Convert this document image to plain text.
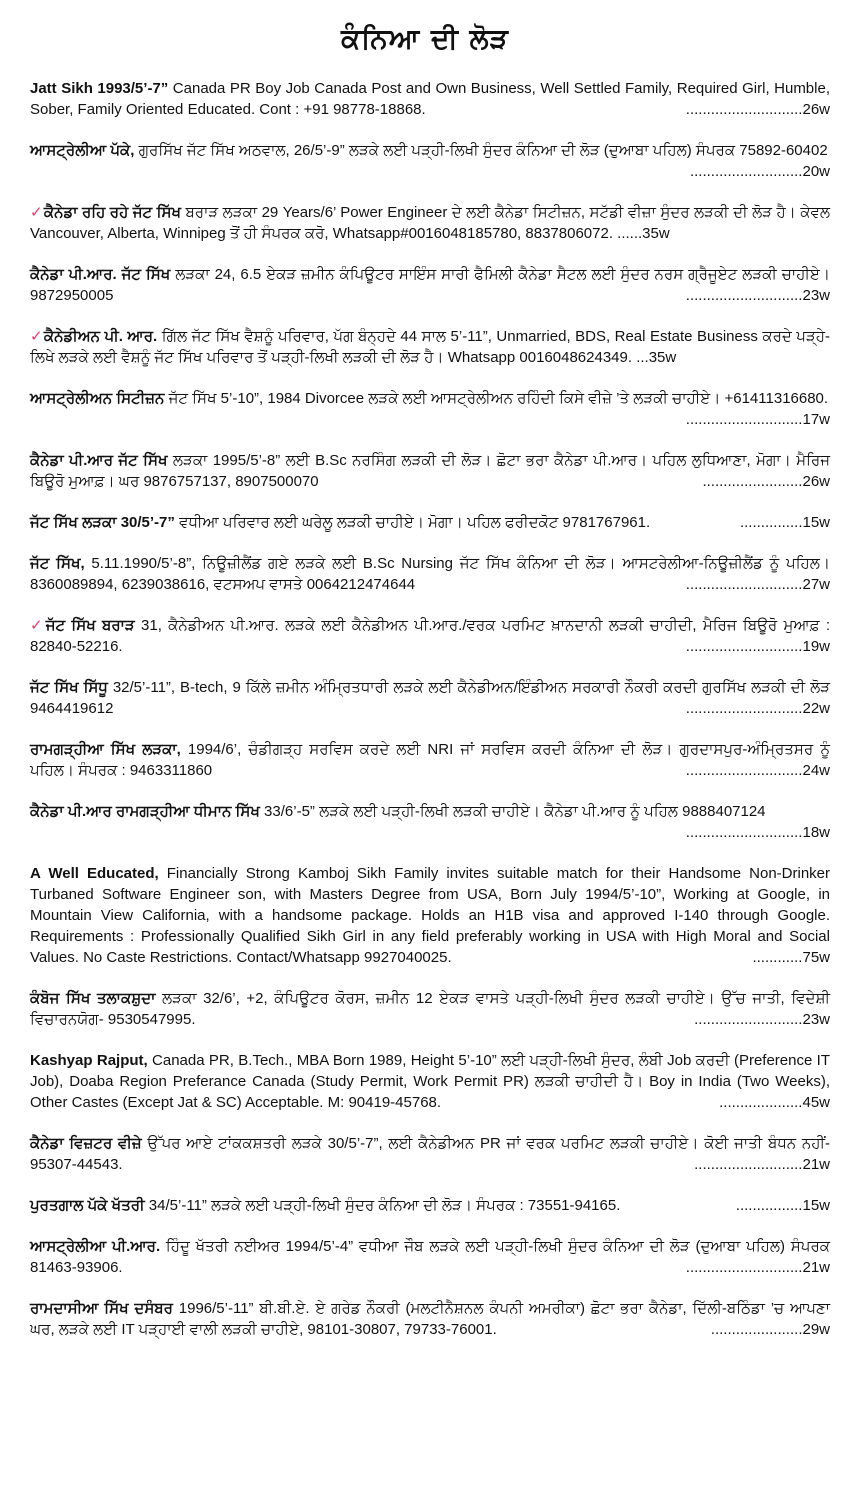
ਕੰਨਿਆ ਦੀ ਲੋੜ
Jatt Sikh 1993/5’-7” Canada PR Boy Job Canada Post and Own Business, Well Settled Family, Required Girl, Humble, Sober, Family Oriented Educated. Cont : +91 98778-18868.	............................26w
ਆਸਟ੍ਰੇਲੀਆ ਪੱਕੇ, ਗੁਰਸਿੱਖ ਜੱਟ ਸਿੱਖ ਅਠਵਾਲ, 26/5’-9” ਲੜਕੇ ਲਈ ਪੜ੍ਹੀ-ਲਿਖੀ ਸੁੰਦਰ ਕੰਨਿਆ ਦੀ ਲੋੜ (ਦੁਆਬਾ ਪਹਿਲ) ਸੰਪਰਕ 75892-60402
...........................20w
✓ਕੈਨੇਡਾ ਰਹਿ ਰਹੇ ਜੱਟ ਸਿੱਖ ਬਰਾੜ ਲੜਕਾ 29 Years/6’ Power Engineer ਦੇ ਲਈ ਕੈਨੇਡਾ ਸਿਟੀਜ਼ਨ, ਸਟੱਡੀ ਵੀਜ਼ਾ ਸੁੰਦਰ ਲੜਕੀ ਦੀ ਲੋੜ ਹੈ। ਕੇਵਲ Vancouver, Alberta, Winnipeg ਤੋਂ ਹੀ ਸੰਪਰਕ ਕਰੋ, Whatsapp#0016048185780, 8837806072. ......35w
ਕੈਨੇਡਾ ਪੀ.ਆਰ. ਜੱਟ ਸਿੱਖ ਲੜਕਾ 24, 6.5 ਏਕੜ ਜ਼ਮੀਨ ਕੰਪਿਊਟਰ ਸਾਇੰਸ ਸਾਰੀ ਫੈਮਿਲੀ ਕੈਨੇਡਾ ਸੈਟਲ ਲਈ ਸੁੰਦਰ ਨਰਸ ਗ੍ਰੈਜੂਏਟ ਲੜਕੀ ਚਾਹੀਏ। 9872950005	............................23w
✓ਕੈਨੇਡੀਅਨ ਪੀ. ਆਰ. ਗਿੱਲ ਜੱਟ ਸਿੱਖ ਵੈਸ਼ਨੂੰ ਪਰਿਵਾਰ, ਪੱਗ ਬੰਨ੍ਹਦੇ 44 ਸਾਲ 5’-11”, Unmarried, BDS, Real Estate Business ਕਰਦੇ ਪੜ੍ਹੇ-ਲਿਖੇ ਲੜਕੇ ਲਈ ਵੈਸ਼ਨੂੰ ਜੱਟ ਸਿੱਖ ਪਰਿਵਾਰ ਤੋਂ ਪੜ੍ਹੀ-ਲਿਖੀ ਲੜਕੀ ਦੀ ਲੋੜ ਹੈ। Whatsapp 0016048624349. ...35w
ਆਸਟ੍ਰੇਲੀਅਨ ਸਿਟੀਜ਼ਨ ਜੱਟ ਸਿੱਖ 5’-10”, 1984 Divorcee ਲੜਕੇ ਲਈ ਆਸਟ੍ਰੇਲੀਅਨ ਰਹਿੰਦੀ ਕਿਸੇ ਵੀਜ਼ੇ ’ਤੇ ਲੜਕੀ ਚਾਹੀਏ। +61411316680.
............................17w
ਕੈਨੇਡਾ ਪੀ.ਆਰ ਜੱਟ ਸਿੱਖ ਲੜਕਾ 1995/5’-8” ਲਈ B.Sc ਨਰਸਿੰਗ ਲੜਕੀ ਦੀ ਲੋੜ। ਛੋਟਾ ਭਰਾ ਕੈਨੇਡਾ ਪੀ.ਆਰ। ਪਹਿਲ ਲੁਧਿਆਣਾ, ਮੋਗਾ। ਮੈਰਿਜ ਬਿਊਰੋ ਮੁਆਫ਼। ਘਰ 9876757137, 8907500070	........................26w
ਜੱਟ ਸਿੱਖ ਲੜਕਾ 30/5’-7” ਵਧੀਆ ਪਰਿਵਾਰ ਲਈ ਘਰੇਲੂ ਲੜਕੀ ਚਾਹੀਏ। ਮੋਗਾ। ਪਹਿਲ ਫਰੀਦਕੋਟ 9781767961.	...............15w
ਜੱਟ ਸਿੱਖ, 5.11.1990/5’-8”, ਨਿਊਜ਼ੀਲੈਂਡ ਗਏ ਲੜਕੇ ਲਈ B.Sc Nursing ਜੱਟ ਸਿੱਖ ਕੰਨਿਆ ਦੀ ਲੋੜ। ਆਸਟਰੇਲੀਆ-ਨਿਊਜ਼ੀਲੈਂਡ ਨੂੰ ਪਹਿਲ। 8360089894, 6239038616, ਵਟਸਅਪ ਵਾਸਤੇ 0064212474644	............................27w
✓ਜੱਟ ਸਿੱਖ ਬਰਾੜ 31, ਕੈਨੇਡੀਅਨ ਪੀ.ਆਰ. ਲੜਕੇ ਲਈ ਕੈਨੇਡੀਅਨ ਪੀ.ਆਰ./ਵਰਕ ਪਰਮਿਟ ਖ਼ਾਨਦਾਨੀ ਲੜਕੀ ਚਾਹੀਦੀ, ਮੈਰਿਜ ਬਿਊਰੋ ਮੁਆਫ਼ : 82840-52216.	............................19w
ਜੱਟ ਸਿੱਖ ਸਿੱਧੂ 32/5’-11”, B-tech, 9 ਕਿੱਲੇ ਜ਼ਮੀਨ ਅੰਮ੍ਰਿਤਧਾਰੀ ਲੜਕੇ ਲਈ ਕੈਨੇਡੀਅਨ/ਇੰਡੀਅਨ ਸਰਕਾਰੀ ਨੌਕਰੀ ਕਰਦੀ ਗੁਰਸਿੱਖ ਲੜਕੀ ਦੀ ਲੋੜ 9464419612	............................22w
ਰਾਮਗੜ੍ਹੀਆ ਸਿੱਖ ਲੜਕਾ, 1994/6’, ਚੰਡੀਗੜ੍ਹ ਸਰਵਿਸ ਕਰਦੇ ਲਈ NRI ਜਾਂ ਸਰਵਿਸ ਕਰਦੀ ਕੰਨਿਆ ਦੀ ਲੋੜ। ਗੁਰਦਾਸਪੁਰ-ਅੰਮ੍ਰਿਤਸਰ ਨੂੰ ਪਹਿਲ। ਸੰਪਰਕ : 9463311860	............................24w
ਕੈਨੇਡਾ ਪੀ.ਆਰ ਰਾਮਗੜ੍ਹੀਆ ਧੀਮਾਨ ਸਿੱਖ 33/6’-5” ਲੜਕੇ ਲਈ ਪੜ੍ਹੀ-ਲਿਖੀ ਲੜਕੀ ਚਾਹੀਏ। ਕੈਨੇਡਾ ਪੀ.ਆਰ ਨੂੰ ਪਹਿਲ 9888407124
............................18w
A Well Educated, Financially Strong Kamboj Sikh Family invites suitable match for their Handsome Non-Drinker Turbaned Software Engineer son, with Masters Degree from USA, Born July 1994/5’-10”, Working at Google, in Mountain View California, with a handsome package. Holds an H1B visa and approved I-140 through Google. Requirements : Professionally Qualified Sikh Girl in any field preferably working in USA with High Moral and Social Values. No Caste Restrictions. Contact/Whatsapp 9927040025.	............75w
ਕੰਬੋਜ ਸਿੱਖ ਤਲਾਕਸ਼ੁਦਾ ਲੜਕਾ 32/6’, +2, ਕੰਪਿਊਟਰ ਕੋਰਸ, ਜ਼ਮੀਨ 12 ਏਕੜ ਵਾਸਤੇ ਪੜ੍ਹੀ-ਲਿਖੀ ਸੁੰਦਰ ਲੜਕੀ ਚਾਹੀਏ। ਉੱਚ ਜਾਤੀ, ਵਿਦੇਸ਼ੀ ਵਿਚਾਰਨਯੋਗ- 9530547995.	..........................23w
Kashyap Rajput, Canada PR, B.Tech., MBA Born 1989, Height 5’-10” ਲਈ ਪੜ੍ਹੀ-ਲਿਖੀ ਸੁੰਦਰ, ਲੰਬੀ Job ਕਰਦੀ (Preference IT Job), Doaba Region Preferance Canada (Study Permit, Work Permit PR) ਲੜਕੀ ਚਾਹੀਦੀ ਹੈ। Boy in India (Two Weeks), Other Castes (Except Jat & SC) Acceptable. M: 90419-45768.	....................45w
ਕੈਨੇਡਾ ਵਿਜ਼ਟਰ ਵੀਜ਼ੇ ਉੱਪਰ ਆਏ ਟਾਂਕਕਸ਼ਤਰੀ ਲੜਕੇ 30/5’-7”, ਲਈ ਕੈਨੇਡੀਅਨ PR ਜਾਂ ਵਰਕ ਪਰਮਿਟ ਲੜਕੀ ਚਾਹੀਏ। ਕੋਈ ਜਾਤੀ ਬੰਧਨ ਨਹੀਂ- 95307-44543.	..........................21w
ਪੁਰਤਗਾਲ ਪੱਕੇ ਖੱਤਰੀ 34/5’-11” ਲੜਕੇ ਲਈ ਪੜ੍ਹੀ-ਲਿਖੀ ਸੁੰਦਰ ਕੰਨਿਆ ਦੀ ਲੋੜ। ਸੰਪਰਕ : 73551-94165.	................15w
ਆਸਟ੍ਰੇਲੀਆ ਪੀ.ਆਰ. ਹਿੰਦੂ ਖੱਤਰੀ ਨਈਅਰ 1994/5’-4” ਵਧੀਆ ਜੌਬ ਲੜਕੇ ਲਈ ਪੜ੍ਹੀ-ਲਿਖੀ ਸੁੰਦਰ ਕੰਨਿਆ ਦੀ ਲੋੜ (ਦੁਆਬਾ ਪਹਿਲ) ਸੰਪਰਕ 81463-93906.	............................21w
ਰਾਮਦਾਸੀਆ ਸਿੱਖ ਦਸੰਬਰ 1996/5’-11” ਬੀ.ਬੀ.ਏ. ਏ ਗਰੇਡ ਨੌਕਰੀ (ਮਲਟੀਨੈਸ਼ਨਲ ਕੰਪਨੀ ਅਮਰੀਕਾ) ਛੋਟਾ ਭਰਾ ਕੈਨੇਡਾ, ਦਿੱਲੀ-ਬਠਿੰਡਾ ’ਚ ਆਪਣਾ ਘਰ, ਲੜਕੇ ਲਈ IT ਪੜ੍ਹਾਈ ਵਾਲੀ ਲੜਕੀ ਚਾਹੀਏ, 98101-30807, 79733-76001.	......................29w
